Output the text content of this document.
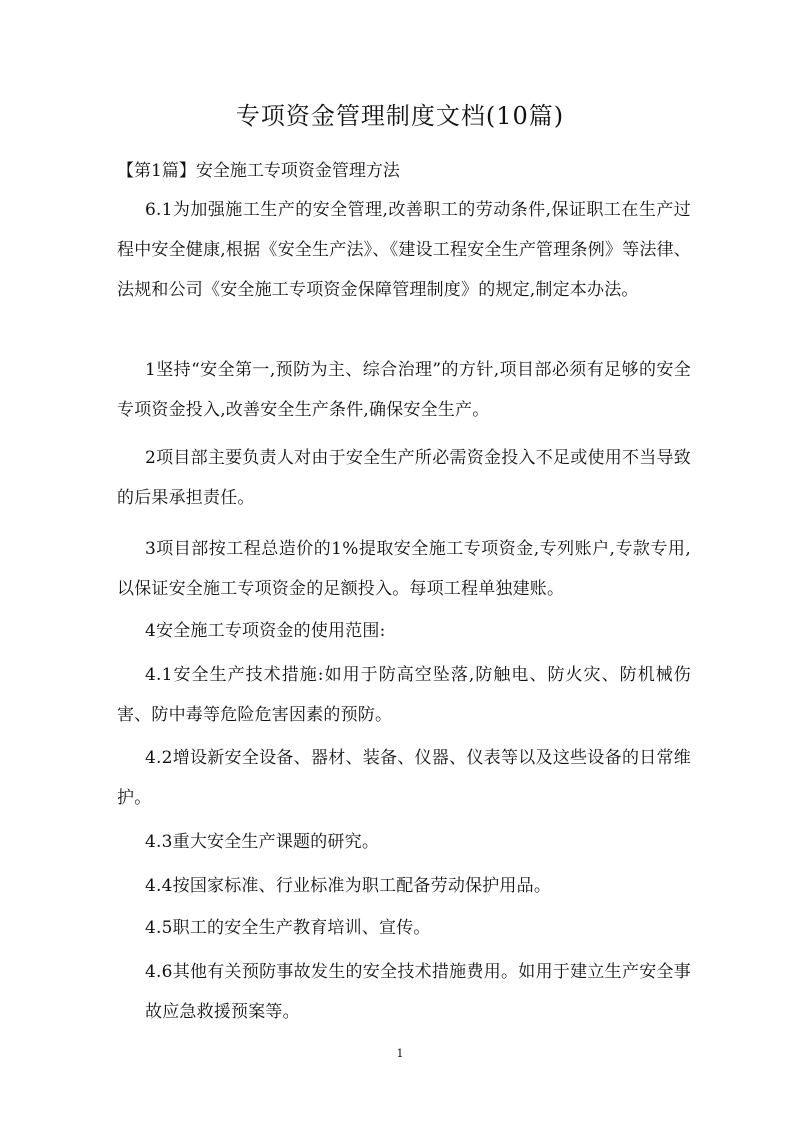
专项资金管理制度文档(10篇)
【第1篇】安全施工专项资金管理方法
6.1为加强施工生产的安全管理,改善职工的劳动条件,保证职工在生产过程中安全健康,根据《安全生产法》、《建设工程安全生产管理条例》等法律、法规和公司《安全施工专项资金保障管理制度》的规定,制定本办法。
1坚持“安全第一,预防为主、综合治理”的方针,项目部必须有足够的安全专项资金投入,改善安全生产条件,确保安全生产。
2项目部主要负责人对由于安全生产所必需资金投入不足或使用不当导致的后果承担责任。
3项目部按工程总造价的1%提取安全施工专项资金,专列账户,专款专用,以保证安全施工专项资金的足额投入。每项工程单独建账。
4安全施工专项资金的使用范围:
4.1安全生产技术措施:如用于防高空坠落,防触电、防火灾、防机械伤害、防中毒等危险危害因素的预防。
4.2增设新安全设备、器材、装备、仪器、仪表等以及这些设备的日常维护。
4.3重大安全生产课题的研究。
4.4按国家标准、行业标准为职工配备劳动保护用品。
4.5职工的安全生产教育培训、宣传。
4.6其他有关预防事故发生的安全技术措施费用。如用于建立生产安全事故应急救援预案等。
1
